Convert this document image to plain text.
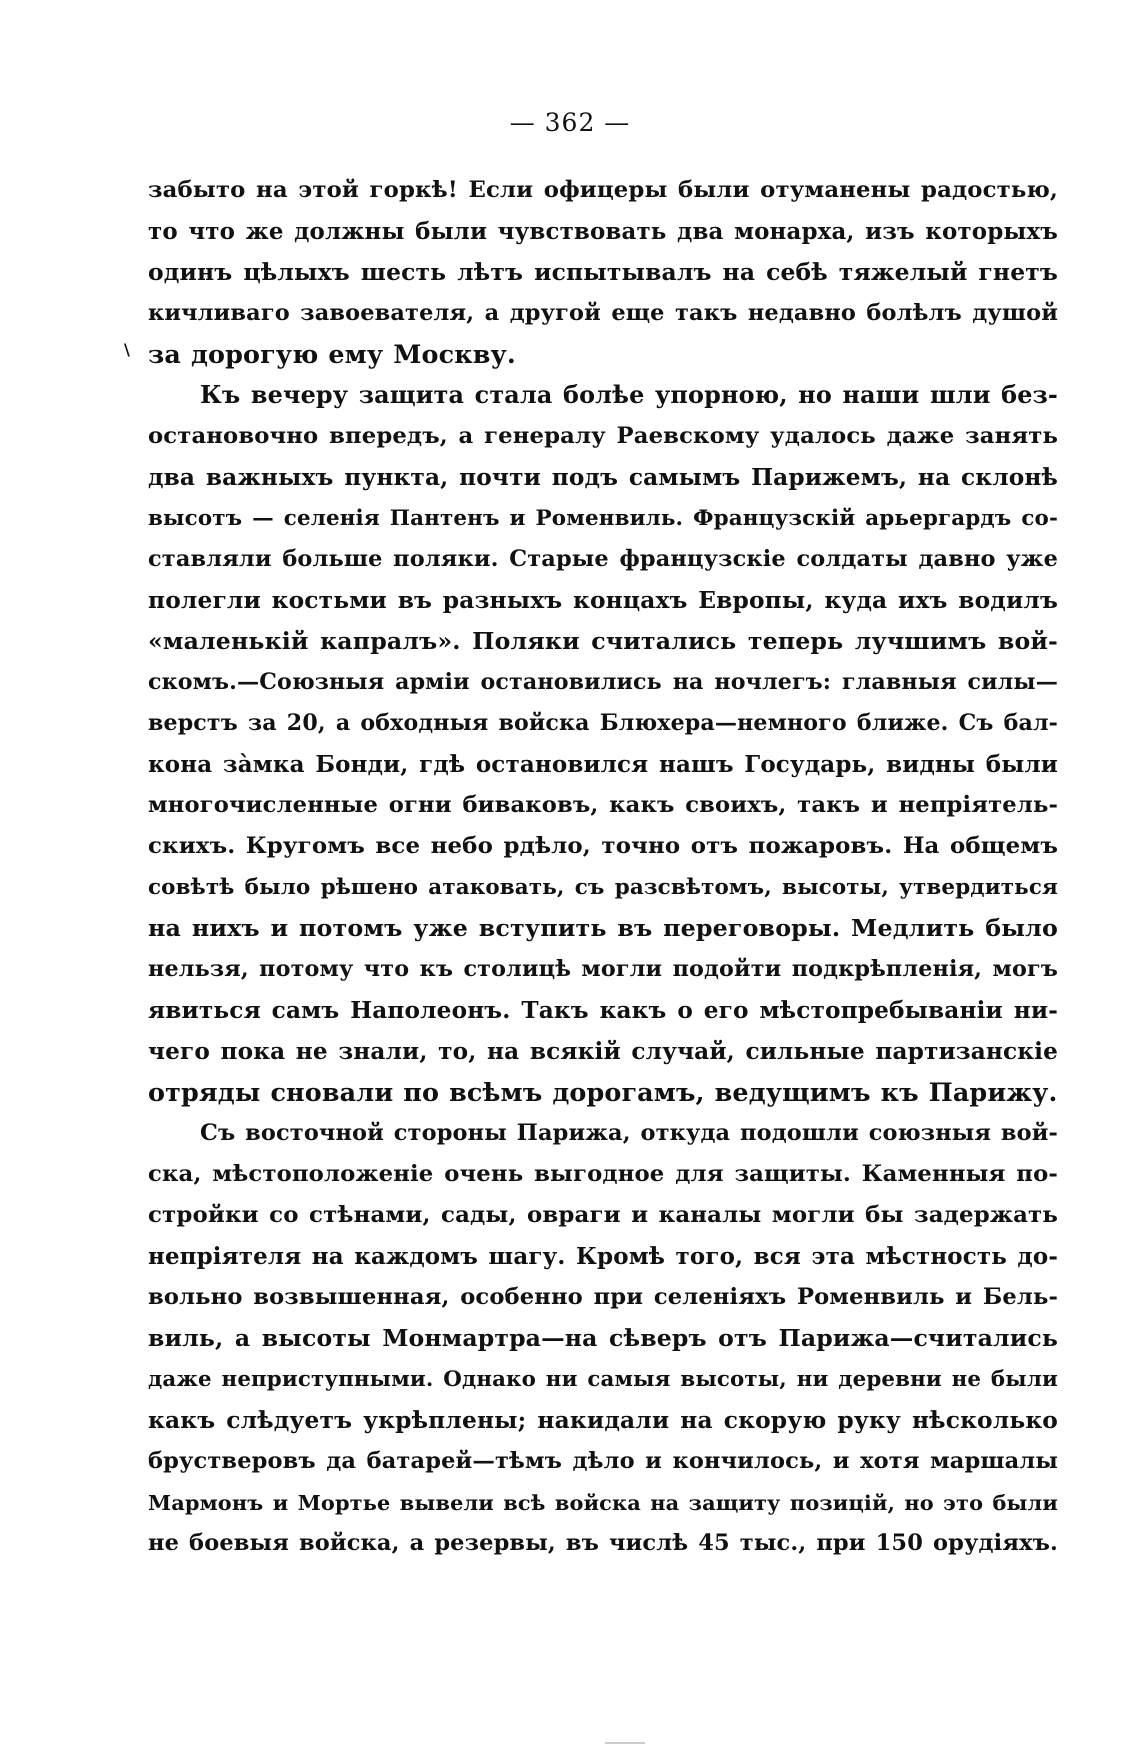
— 362 —
\
забыто на этой горкѣ! Если офицеры были отуманены радостью,
то что же должны были чувствовать два монарха, изъ которыхъ
одинъ цѣлыхъ шесть лѣтъ испытывалъ на себѣ тяжелый гнетъ
кичливаго завоевателя, а другой еще такъ недавно болѣлъ душой
за дорогую ему Москву.
Къ вечеру защита стала болѣе упорною, но наши шли без-
остановочно впередъ, а генералу Раевскому удалось даже занять
два важныхъ пункта, почти подъ самымъ Парижемъ, на склонѣ
высотъ — селенія Пантенъ и Роменвиль. Французскій арьергардъ со-
ставляли больше поляки. Старые французскіе солдаты давно уже
полегли костьми въ разныхъ концахъ Европы, куда ихъ водилъ
«маленькій капралъ». Поляки считались теперь лучшимъ вой-
скомъ.—Союзныя арміи остановились на ночлегъ: главныя силы—
верстъ за 20, а обходныя войска Блюхера—немного ближе. Съ бал-
кона зàмка Бонди, гдѣ остановился нашъ Государь, видны были
многочисленные огни биваковъ, какъ своихъ, такъ и непріятель-
скихъ. Кругомъ все небо рдѣло, точно отъ пожаровъ. На общемъ
совѣтѣ было рѣшено атаковать, съ разсвѣтомъ, высоты, утвердиться
на нихъ и потомъ уже вступить въ переговоры. Медлить было
нельзя, потому что къ столицѣ могли подойти подкрѣпленія, могъ
явиться самъ Наполеонъ. Такъ какъ о его мѣстопребываніи ни-
чего пока не знали, то, на всякій случай, сильные партизанскіе
отряды сновали по всѣмъ дорогамъ, ведущимъ къ Парижу.
Съ восточной стороны Парижа, откуда подошли союзныя вой-
ска, мѣстоположеніе очень выгодное для защиты. Каменныя по-
стройки со стѣнами, сады, овраги и каналы могли бы задержать
непріятеля на каждомъ шагу. Кромѣ того, вся эта мѣстность до-
вольно возвышенная, особенно при селеніяхъ Роменвиль и Бель-
виль, а высоты Монмартра—на сѣверъ отъ Парижа—считались
даже неприступными. Однако ни самыя высоты, ни деревни не были
какъ слѣдуетъ укрѣплены; накидали на скорую руку нѣсколько
брустверовъ да батарей—тѣмъ дѣло и кончилось, и хотя маршалы
Мармонъ и Мортье вывели всѣ войска на защиту позицій, но это были
не боевыя войска, а резервы, въ числѣ 45 тыс., при 150 орудіяхъ.
